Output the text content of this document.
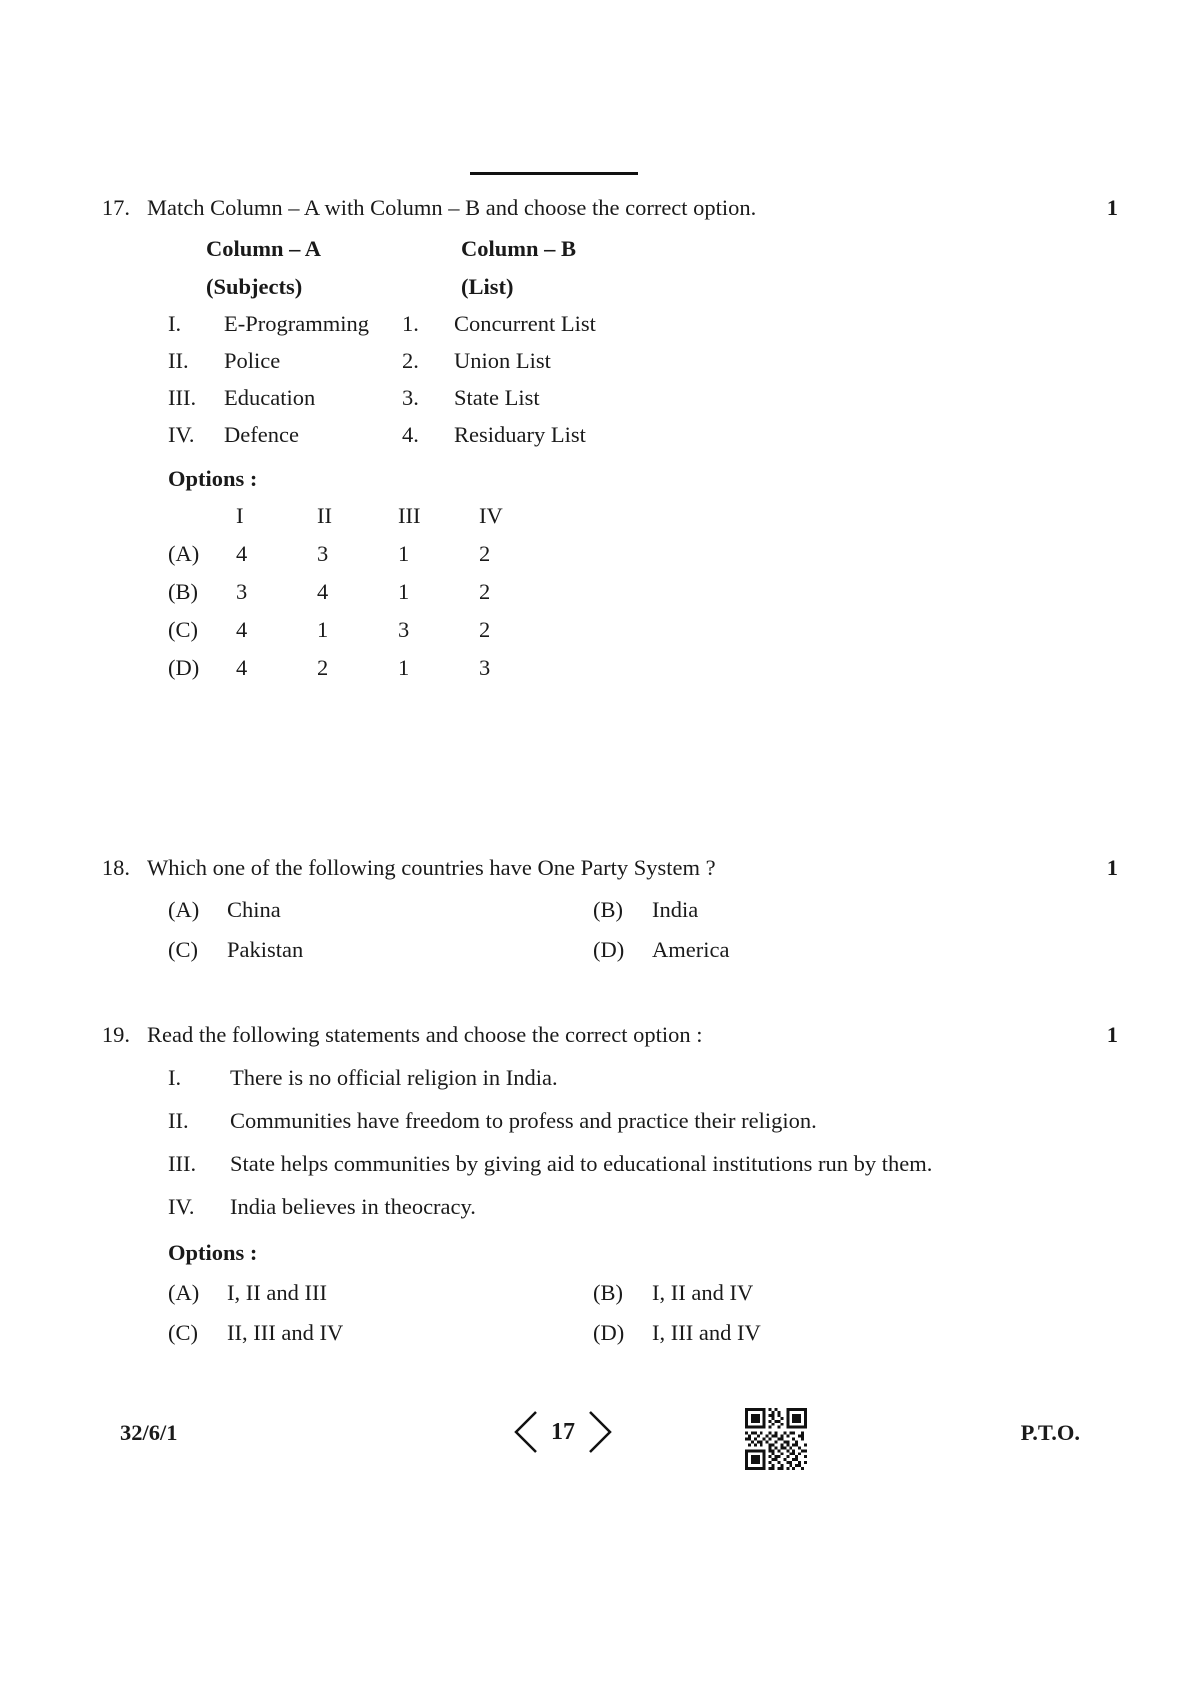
17. Match Column – A with Column – B and choose the correct option.	1
Column – A	Column – B
(Subjects)	(List)
I.	E-Programming	1.	Concurrent List
II.	Police	2.	Union List
III.	Education	3.	State List
IV.	Defence	4.	Residuary List
Options :
I	II	III	IV
(A)	4	3	1	2
(B)	3	4	1	2
(C)	4	1	3	2
(D)	4	2	1	3
18. Which one of the following countries have One Party System ?	1
(A)	China	(B)	India
(C)	Pakistan	(D)	America
19. Read the following statements and choose the correct option :	1
I.	There is no official religion in India.
II.	Communities have freedom to profess and practice their religion.
III.	State helps communities by giving aid to educational institutions run by them.
IV.	India believes in theocracy.
Options :
(A)	I, II and III	(B)	I, II and IV
(C)	II, III and IV	(D)	I, III and IV
32/6/1	17	P.T.O.
